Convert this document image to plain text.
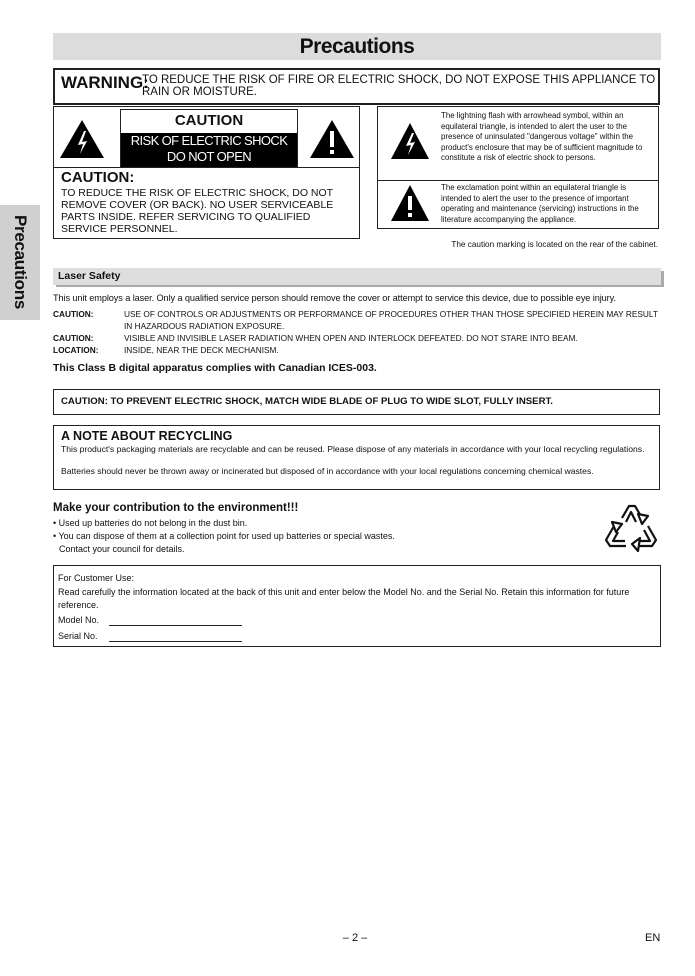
Precautions
Precautions
WARNING:
TO REDUCE THE RISK OF FIRE OR ELECTRIC SHOCK, DO NOT EXPOSE THIS APPLIANCE TO RAIN OR MOISTURE.
CAUTION
RISK OF ELECTRIC SHOCK
DO NOT OPEN
CAUTION:
TO REDUCE THE RISK OF ELECTRIC SHOCK, DO NOT REMOVE COVER (OR BACK). NO USER SERVICEABLE PARTS INSIDE. REFER SERVICING TO QUALIFIED SERVICE PERSONNEL.
The lightning flash with arrowhead symbol, within an equilateral triangle, is intended to alert the user to the presence of uninsulated "dangerous voltage" within the product's enclosure that may be of sufficient magnitude to constitute a risk of electric shock to persons.
The exclamation point within an equilateral triangle is intended to alert the user to the presence of important operating and maintenance (servicing) instructions in the literature accompanying the appliance.
The caution marking is located on the rear of the cabinet.
Laser Safety
This unit employs a laser. Only a qualified service person should remove the cover or attempt to service this device, due to possible eye injury.
CAUTION:	USE OF CONTROLS OR ADJUSTMENTS OR PERFORMANCE OF PROCEDURES OTHER THAN THOSE SPECIFIED HEREIN MAY RESULT IN HAZARDOUS RADIATION EXPOSURE.
CAUTION:	VISIBLE AND INVISIBLE LASER RADIATION WHEN OPEN AND INTERLOCK DEFEATED. DO NOT STARE INTO BEAM.
LOCATION:	INSIDE, NEAR THE DECK MECHANISM.
This Class B digital apparatus complies with Canadian ICES-003.
CAUTION: TO PREVENT ELECTRIC SHOCK, MATCH WIDE BLADE OF PLUG TO WIDE SLOT, FULLY INSERT.
A NOTE ABOUT RECYCLING
This product's packaging materials are recyclable and can be reused. Please dispose of any materials in accordance with your local recycling regulations.
Batteries should never be thrown away or incinerated but disposed of in accordance with your local regulations concerning chemical wastes.
Make your contribution to the environment!!!
• Used up batteries do not belong in the dust bin.
• You can dispose of them at a collection point for used up batteries or special wastes.
Contact your council for details.
For Customer Use:
Read carefully the information located at the back of this unit and enter below the Model No. and the Serial No. Retain this information for future reference.
Model No.
Serial No.
– 2 –	EN
